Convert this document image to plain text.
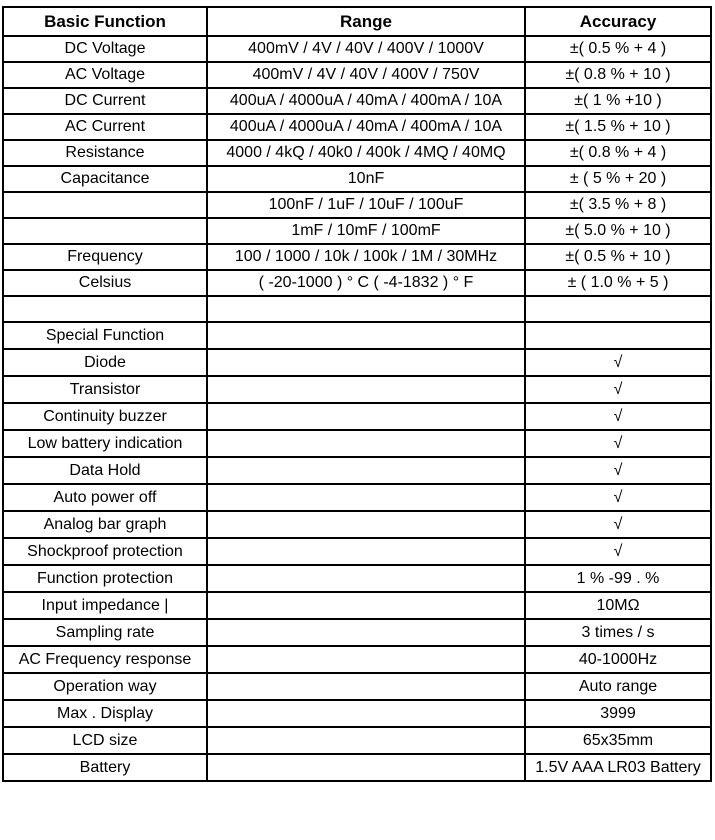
Basic Function	Range	Accuracy
DC Voltage	400mV / 4V / 40V / 400V / 1000V	±( 0.5 % + 4 )
AC Voltage	400mV / 4V / 40V / 400V / 750V	±( 0.8 % + 10 )
DC Current	400uA / 4000uA / 40mA / 400mA / 10A	±( 1 % +10 )
AC Current	400uA / 4000uA / 40mA / 400mA / 10A	±( 1.5 % + 10 )
Resistance	4000 / 4kQ / 40k0 / 400k / 4MQ / 40MQ	±( 0.8 % + 4 )
Capacitance	10nF	± ( 5 % + 20 )
	100nF / 1uF / 10uF / 100uF	±( 3.5 % + 8 )
	1mF / 10mF / 100mF	±( 5.0 % + 10 )
Frequency	100 / 1000 / 10k / 100k / 1M / 30MHz	±( 0.5 % + 10 )
Celsius	( -20-1000 ) ° C ( -4-1832 ) ° F	± ( 1.0 % + 5 )

Special Function		
Diode		√
Transistor		√
Continuity buzzer		√
Low battery indication		√
Data Hold		√
Auto power off		√
Analog bar graph		√
Shockproof protection		√
Function protection		1 % -99 . %
Input impedance |		10MΩ
Sampling rate		3 times / s
AC Frequency response		40-1000Hz
Operation way		Auto range
Max . Display		3999
LCD size		65x35mm
Battery		1.5V AAA LR03 Battery
